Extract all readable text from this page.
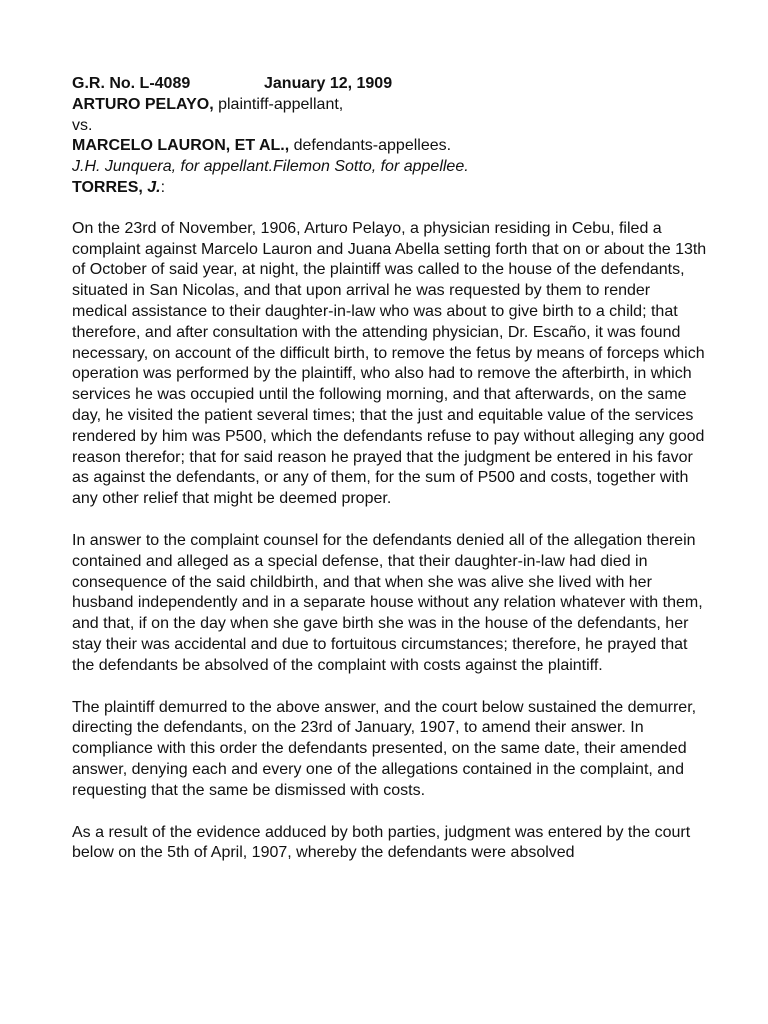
G.R. No. L-4089	January 12, 1909
ARTURO PELAYO, plaintiff-appellant,
vs.
MARCELO LAURON, ET AL., defendants-appellees.
J.H. Junquera, for appellant.Filemon Sotto, for appellee.
TORRES, J.:

On the 23rd of November, 1906, Arturo Pelayo, a physician residing in Cebu, filed a complaint against Marcelo Lauron and Juana Abella setting forth that on or about the 13th of October of said year, at night, the plaintiff was called to the house of the defendants, situated in San Nicolas, and that upon arrival he was requested by them to render medical assistance to their daughter-in-law who was about to give birth to a child; that therefore, and after consultation with the attending physician, Dr. Escaño, it was found necessary, on account of the difficult birth, to remove the fetus by means of forceps which operation was performed by the plaintiff, who also had to remove the afterbirth, in which services he was occupied until the following morning, and that afterwards, on the same day, he visited the patient several times; that the just and equitable value of the services rendered by him was P500, which the defendants refuse to pay without alleging any good reason therefor; that for said reason he prayed that the judgment be entered in his favor as against the defendants, or any of them, for the sum of P500 and costs, together with any other relief that might be deemed proper.

In answer to the complaint counsel for the defendants denied all of the allegation therein contained and alleged as a special defense, that their daughter-in-law had died in consequence of the said childbirth, and that when she was alive she lived with her husband independently and in a separate house without any relation whatever with them, and that, if on the day when she gave birth she was in the house of the defendants, her stay their was accidental and due to fortuitous circumstances; therefore, he prayed that the defendants be absolved of the complaint with costs against the plaintiff.

The plaintiff demurred to the above answer, and the court below sustained the demurrer, directing the defendants, on the 23rd of January, 1907, to amend their answer. In compliance with this order the defendants presented, on the same date, their amended answer, denying each and every one of the allegations contained in the complaint, and requesting that the same be dismissed with costs.

As a result of the evidence adduced by both parties, judgment was entered by the court below on the 5th of April, 1907, whereby the defendants were absolved
